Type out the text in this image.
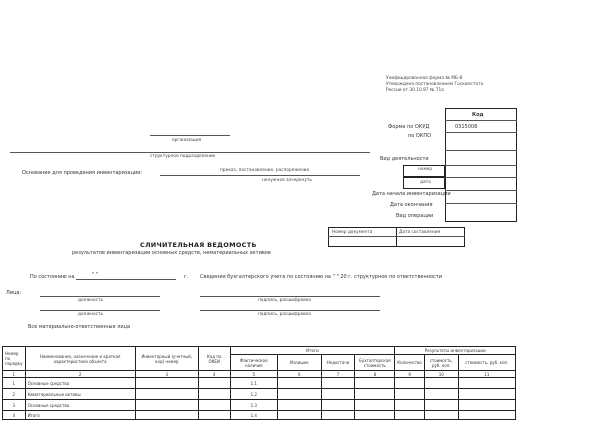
Унифицированная форма № МБ-8
Утверждена постановлением Госкомстата
России от 30.10.97 № 71а
Код
0315008
Форма по ОКУД
по ОКПО
Вид деятельности
номер
дата
Дата начала инвентаризации
Дата окончания
Вид операции
организация
структурное подразделение
Основание для проведения инвентаризации:	приказ, постановление, распоряжение
ненужное зачеркнуть
Номер документа	Дата составления
СЛИЧИТЕЛЬНАЯ ВЕДОМОСТЬ
результатов инвентаризации основных средств, нематериальных активов
По состоянию на	" "	г. Сведения бухгалтерского учета по состоянию на " " 20 г. структурное по ответственности
Лица:
должность	подпись, расшифровка
должность	подпись, расшифровка
Все материально-ответственные лица
Номер по порядку	Наименование, назначение и краткая характеристика объекта	Инвентарный (учетный, код) номер	Код по ОКЕИ	Итоги				Результаты инвентаризации		
				Фактическое наличие	Излишек	Недостача	Бухгалтерская стоимость	Количество	стоимость, руб. коп.	стоимость, руб. коп.

1	2	3	4	5	6	7	8	9	10	11
1	Основные средства			1.1						
2	Нематериальные активы			1.2						
3	Основные средства			1.3						
4	Итого			1.4						
